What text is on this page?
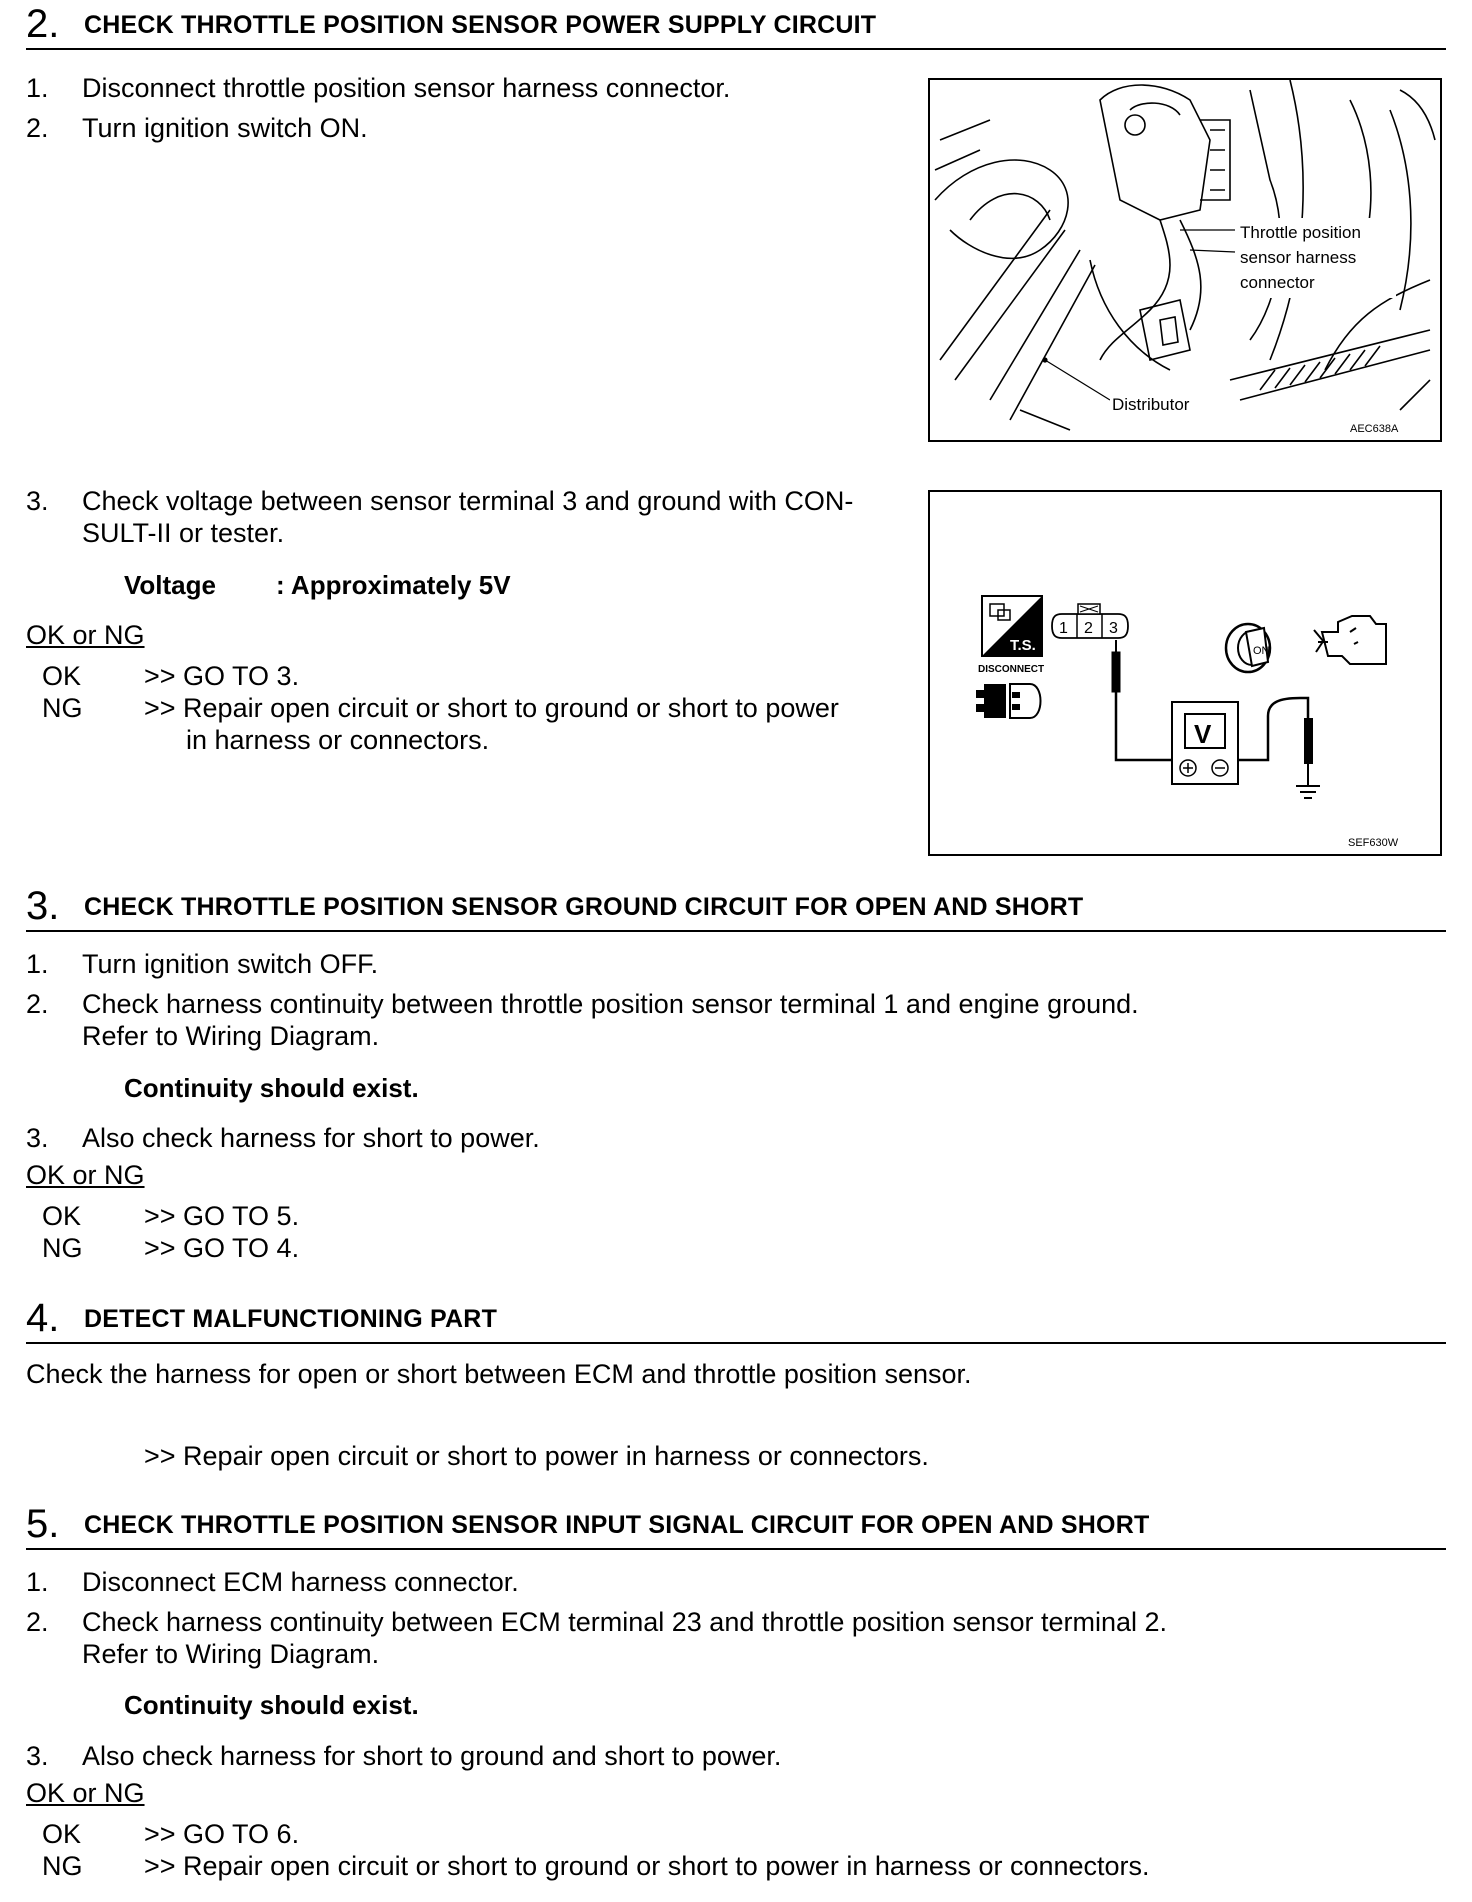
2. CHECK THROTTLE POSITION SENSOR POWER SUPPLY CIRCUIT
1. Disconnect throttle position sensor harness connector.
2. Turn ignition switch ON.
Throttle position
sensor harness
connector
Distributor
AEC638A
3. Check voltage between sensor terminal 3 and ground with CON-
SULT-II or tester.
Voltage : Approximately 5V
OK or NG
OK >> GO TO 3.
NG >> Repair open circuit or short to ground or short to power
in harness or connectors.
T.S.
DISCONNECT
1 2 3
V
ON
SEF630W
3. CHECK THROTTLE POSITION SENSOR GROUND CIRCUIT FOR OPEN AND SHORT
1. Turn ignition switch OFF.
2. Check harness continuity between throttle position sensor terminal 1 and engine ground.
Refer to Wiring Diagram.
Continuity should exist.
3. Also check harness for short to power.
OK or NG
OK >> GO TO 5.
NG >> GO TO 4.
4. DETECT MALFUNCTIONING PART
Check the harness for open or short between ECM and throttle position sensor.
>> Repair open circuit or short to power in harness or connectors.
5. CHECK THROTTLE POSITION SENSOR INPUT SIGNAL CIRCUIT FOR OPEN AND SHORT
1. Disconnect ECM harness connector.
2. Check harness continuity between ECM terminal 23 and throttle position sensor terminal 2.
Refer to Wiring Diagram.
Continuity should exist.
3. Also check harness for short to ground and short to power.
OK or NG
OK >> GO TO 6.
NG >> Repair open circuit or short to ground or short to power in harness or connectors.
